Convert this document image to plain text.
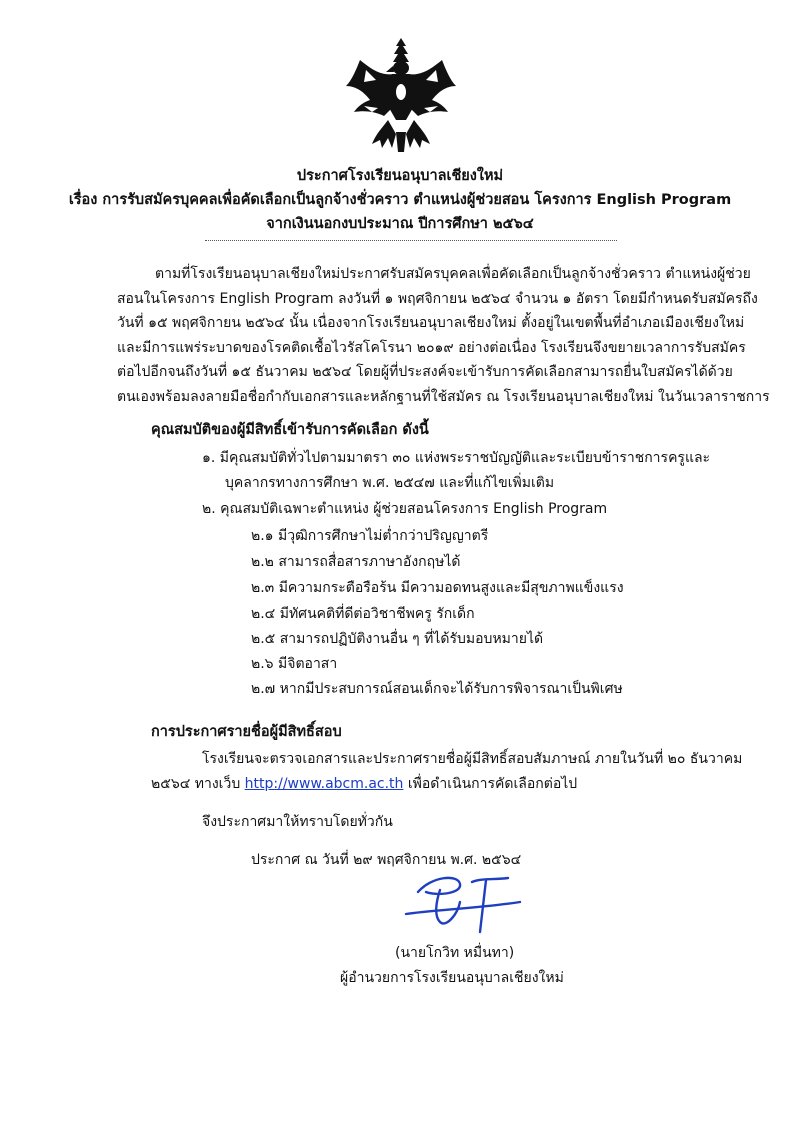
ประกาศโรงเรียนอนุบาลเชียงใหม่
เรื่อง การรับสมัครบุคคลเพื่อคัดเลือกเป็นลูกจ้างชั่วคราว ตำแหน่งผู้ช่วยสอน โครงการ English Program
จากเงินนอกงบประมาณ ปีการศึกษา ๒๕๖๔
ตามที่โรงเรียนอนุบาลเชียงใหม่ประกาศรับสมัครบุคคลเพื่อคัดเลือกเป็นลูกจ้างชั่วคราว ตำแหน่งผู้ช่วย
สอนในโครงการ English Program ลงวันที่ ๑ พฤศจิกายน ๒๕๖๔ จำนวน ๑ อัตรา โดยมีกำหนดรับสมัครถึง
วันที่ ๑๕ พฤศจิกายน ๒๕๖๔ นั้น เนื่องจากโรงเรียนอนุบาลเชียงใหม่ ตั้งอยู่ในเขตพื้นที่อำเภอเมืองเชียงใหม่
และมีการแพร่ระบาดของโรคติดเชื้อไวรัสโคโรนา ๒๐๑๙ อย่างต่อเนื่อง โรงเรียนจึงขยายเวลาการรับสมัคร
ต่อไปอีกจนถึงวันที่ ๑๕ ธันวาคม ๒๕๖๔ โดยผู้ที่ประสงค์จะเข้ารับการคัดเลือกสามารถยื่นใบสมัครได้ด้วย
ตนเองพร้อมลงลายมือชื่อกำกับเอกสารและหลักฐานที่ใช้สมัคร ณ โรงเรียนอนุบาลเชียงใหม่ ในวันเวลาราชการ
คุณสมบัติของผู้มีสิทธิ์เข้ารับการคัดเลือก ดังนี้
๑. มีคุณสมบัติทั่วไปตามมาตรา ๓๐ แห่งพระราชบัญญัติและระเบียบข้าราชการครูและ
บุคลากรทางการศึกษา พ.ศ. ๒๕๔๗ และที่แก้ไขเพิ่มเติม
๒. คุณสมบัติเฉพาะตำแหน่ง ผู้ช่วยสอนโครงการ English Program
๒.๑ มีวุฒิการศึกษาไม่ต่ำกว่าปริญญาตรี
๒.๒ สามารถสื่อสารภาษาอังกฤษได้
๒.๓ มีความกระตือรือร้น มีความอดทนสูงและมีสุขภาพแข็งแรง
๒.๔ มีทัศนคติที่ดีต่อวิชาชีพครู รักเด็ก
๒.๕ สามารถปฏิบัติงานอื่น ๆ ที่ได้รับมอบหมายได้
๒.๖ มีจิตอาสา
๒.๗ หากมีประสบการณ์สอนเด็กจะได้รับการพิจารณาเป็นพิเศษ
การประกาศรายชื่อผู้มีสิทธิ์สอบ
โรงเรียนจะตรวจเอกสารและประกาศรายชื่อผู้มีสิทธิ์สอบสัมภาษณ์ ภายในวันที่ ๒๐ ธันวาคม
๒๕๖๔ ทางเว็บ http://www.abcm.ac.th เพื่อดำเนินการคัดเลือกต่อไป
จึงประกาศมาให้ทราบโดยทั่วกัน
ประกาศ ณ วันที่ ๒๙ พฤศจิกายน พ.ศ. ๒๕๖๔
(นายโกวิท หมื่นทา)
ผู้อำนวยการโรงเรียนอนุบาลเชียงใหม่
